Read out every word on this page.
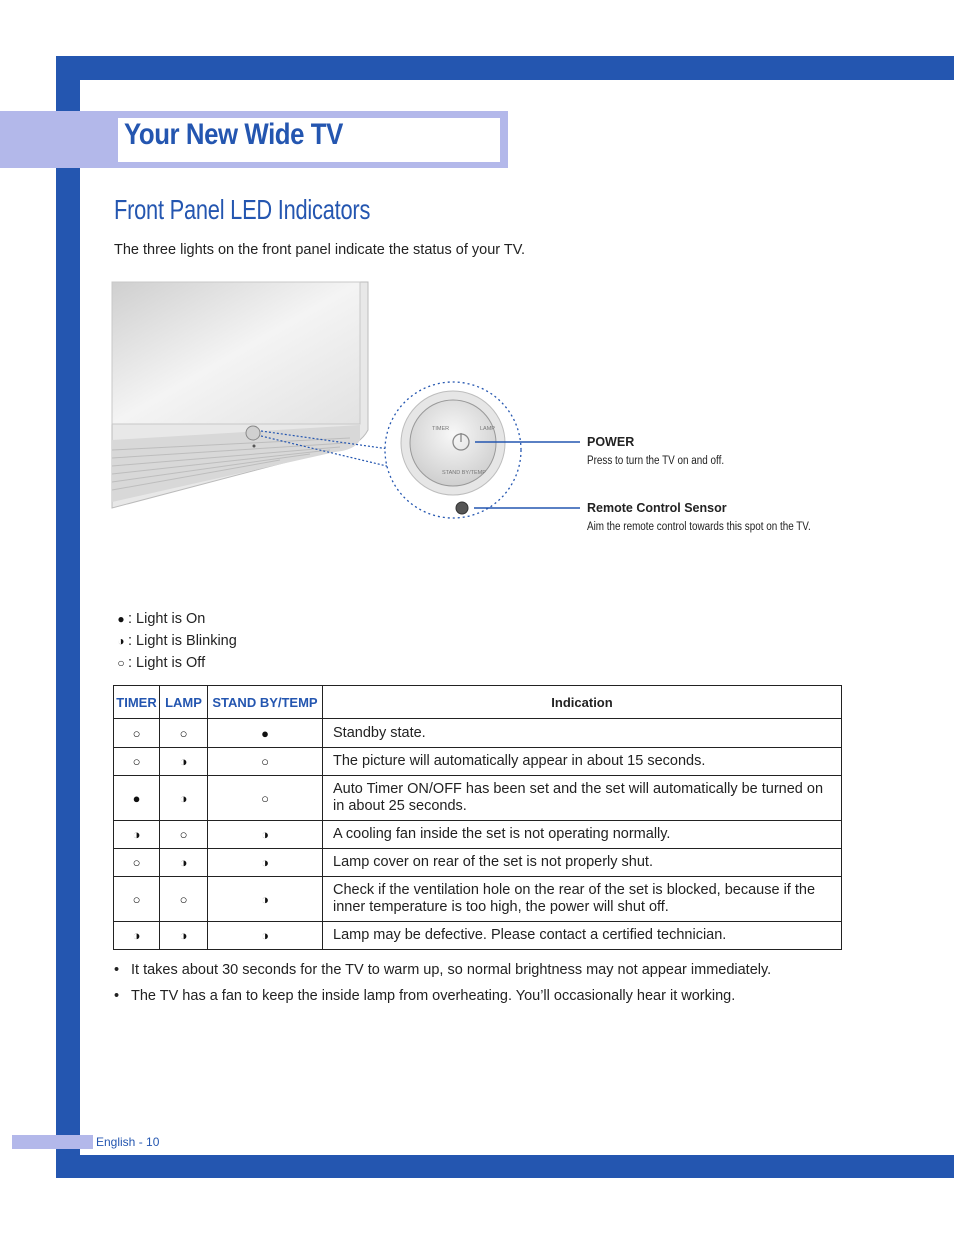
Your New Wide TV
Front Panel LED Indicators
The three lights on the front panel indicate the status of your TV.
TIMER	LAMP
STAND BY/TEMP
POWER
Press to turn the TV on and off.
Remote Control Sensor
Aim the remote control towards this spot on the TV.
● : Light is On
◑ : Light is Blinking
○ : Light is Off
TIMER	LAMP	STAND BY/TEMP	Indication
○	○	●	Standby state.
○	◑	○	The picture will automatically appear in about 15 seconds.
●	◑	○	Auto Timer ON/OFF has been set and the set will automatically be turned on in about 25 seconds.
◑	○	◑	A cooling fan inside the set is not operating normally.
○	◑	◑	Lamp cover on rear of the set is not properly shut.
○	○	◑	Check if the ventilation hole on the rear of the set is blocked, because if the inner temperature is too high, the power will shut off.
◑	◑	◑	Lamp may be defective. Please contact a certified technician.
• It takes about 30 seconds for the TV to warm up, so normal brightness may not appear immediately.
• The TV has a fan to keep the inside lamp from overheating. You’ll occasionally hear it working.
English - 10
